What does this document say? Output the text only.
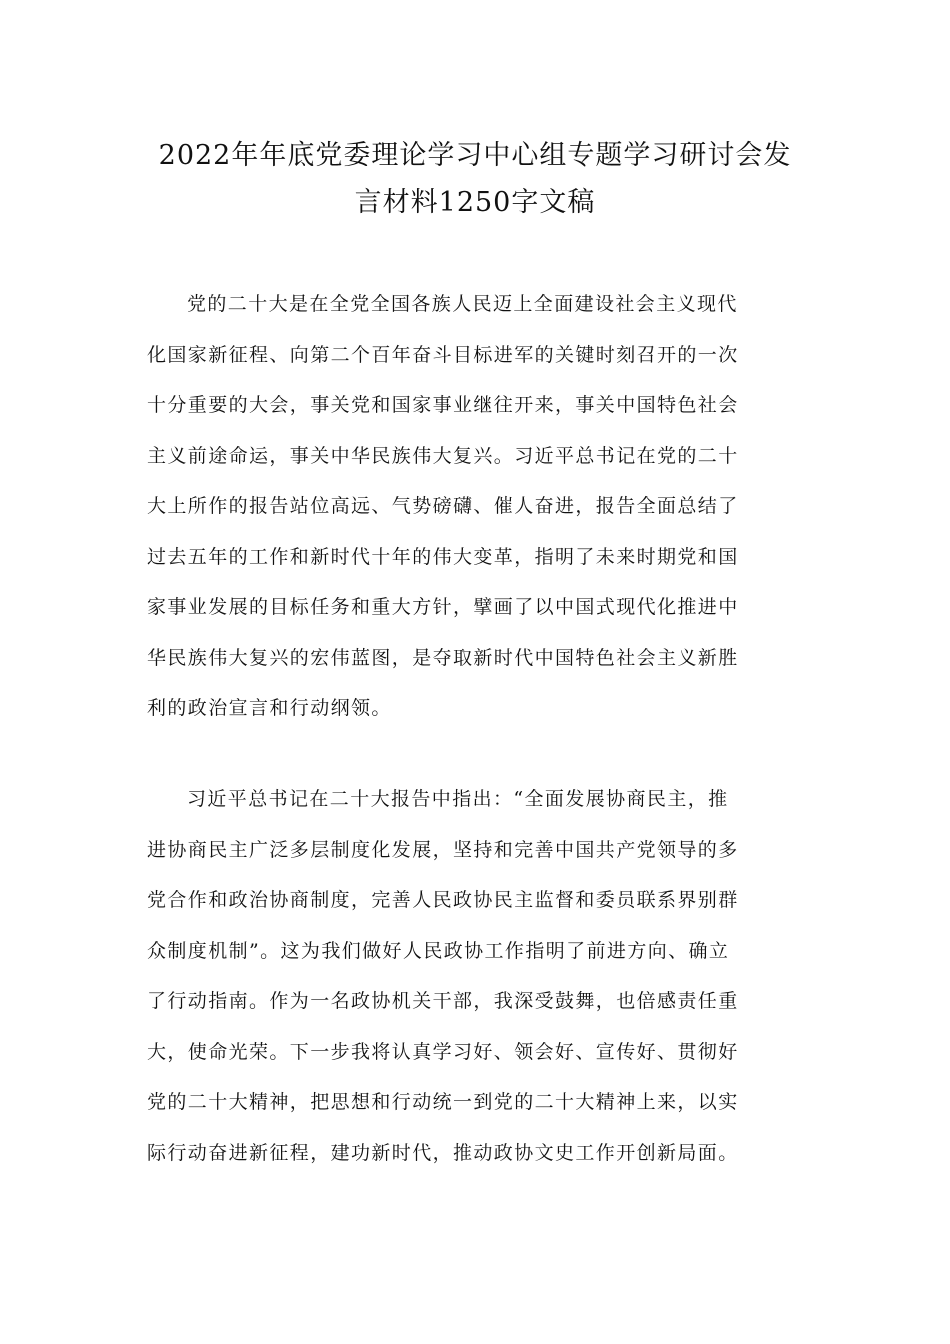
2022年年底党委理论学习中心组专题学习研讨会发
言材料1250字文稿
党的二十大是在全党全国各族人民迈上全面建设社会主义现代
化国家新征程、向第二个百年奋斗目标进军的关键时刻召开的一次
十分重要的大会，事关党和国家事业继往开来，事关中国特色社会
主义前途命运，事关中华民族伟大复兴。习近平总书记在党的二十
大上所作的报告站位高远、气势磅礴、催人奋进，报告全面总结了
过去五年的工作和新时代十年的伟大变革，指明了未来时期党和国
家事业发展的目标任务和重大方针，擘画了以中国式现代化推进中
华民族伟大复兴的宏伟蓝图，是夺取新时代中国特色社会主义新胜
利的政治宣言和行动纲领。
习近平总书记在二十大报告中指出：“全面发展协商民主，推
进协商民主广泛多层制度化发展，坚持和完善中国共产党领导的多
党合作和政治协商制度，完善人民政协民主监督和委员联系界别群
众制度机制”。这为我们做好人民政协工作指明了前进方向、确立
了行动指南。作为一名政协机关干部，我深受鼓舞，也倍感责任重
大，使命光荣。下一步我将认真学习好、领会好、宣传好、贯彻好
党的二十大精神，把思想和行动统一到党的二十大精神上来，以实
际行动奋进新征程，建功新时代，推动政协文史工作开创新局面。
